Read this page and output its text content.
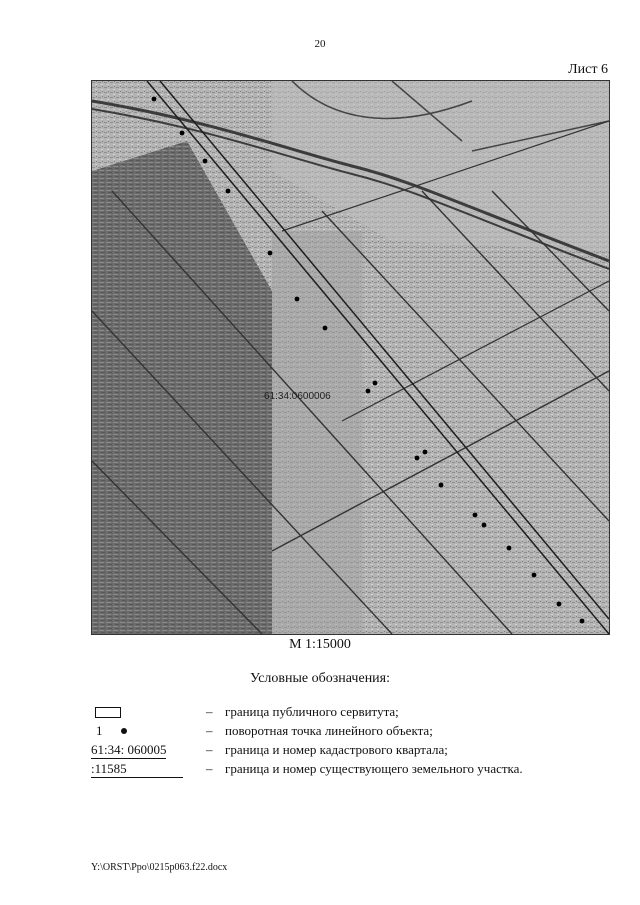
20
Лист 6
61:34:0600006
М 1:15000
Условные обозначения:
– граница публичного сервитута;
1	– поворотная точка линейного объекта;
61:34: 060005	– граница и номер кадастрового квартала;
:11585	– граница и номер существующего земельного участка.
Y:\ORST\Ppo\0215p063.f22.docx
